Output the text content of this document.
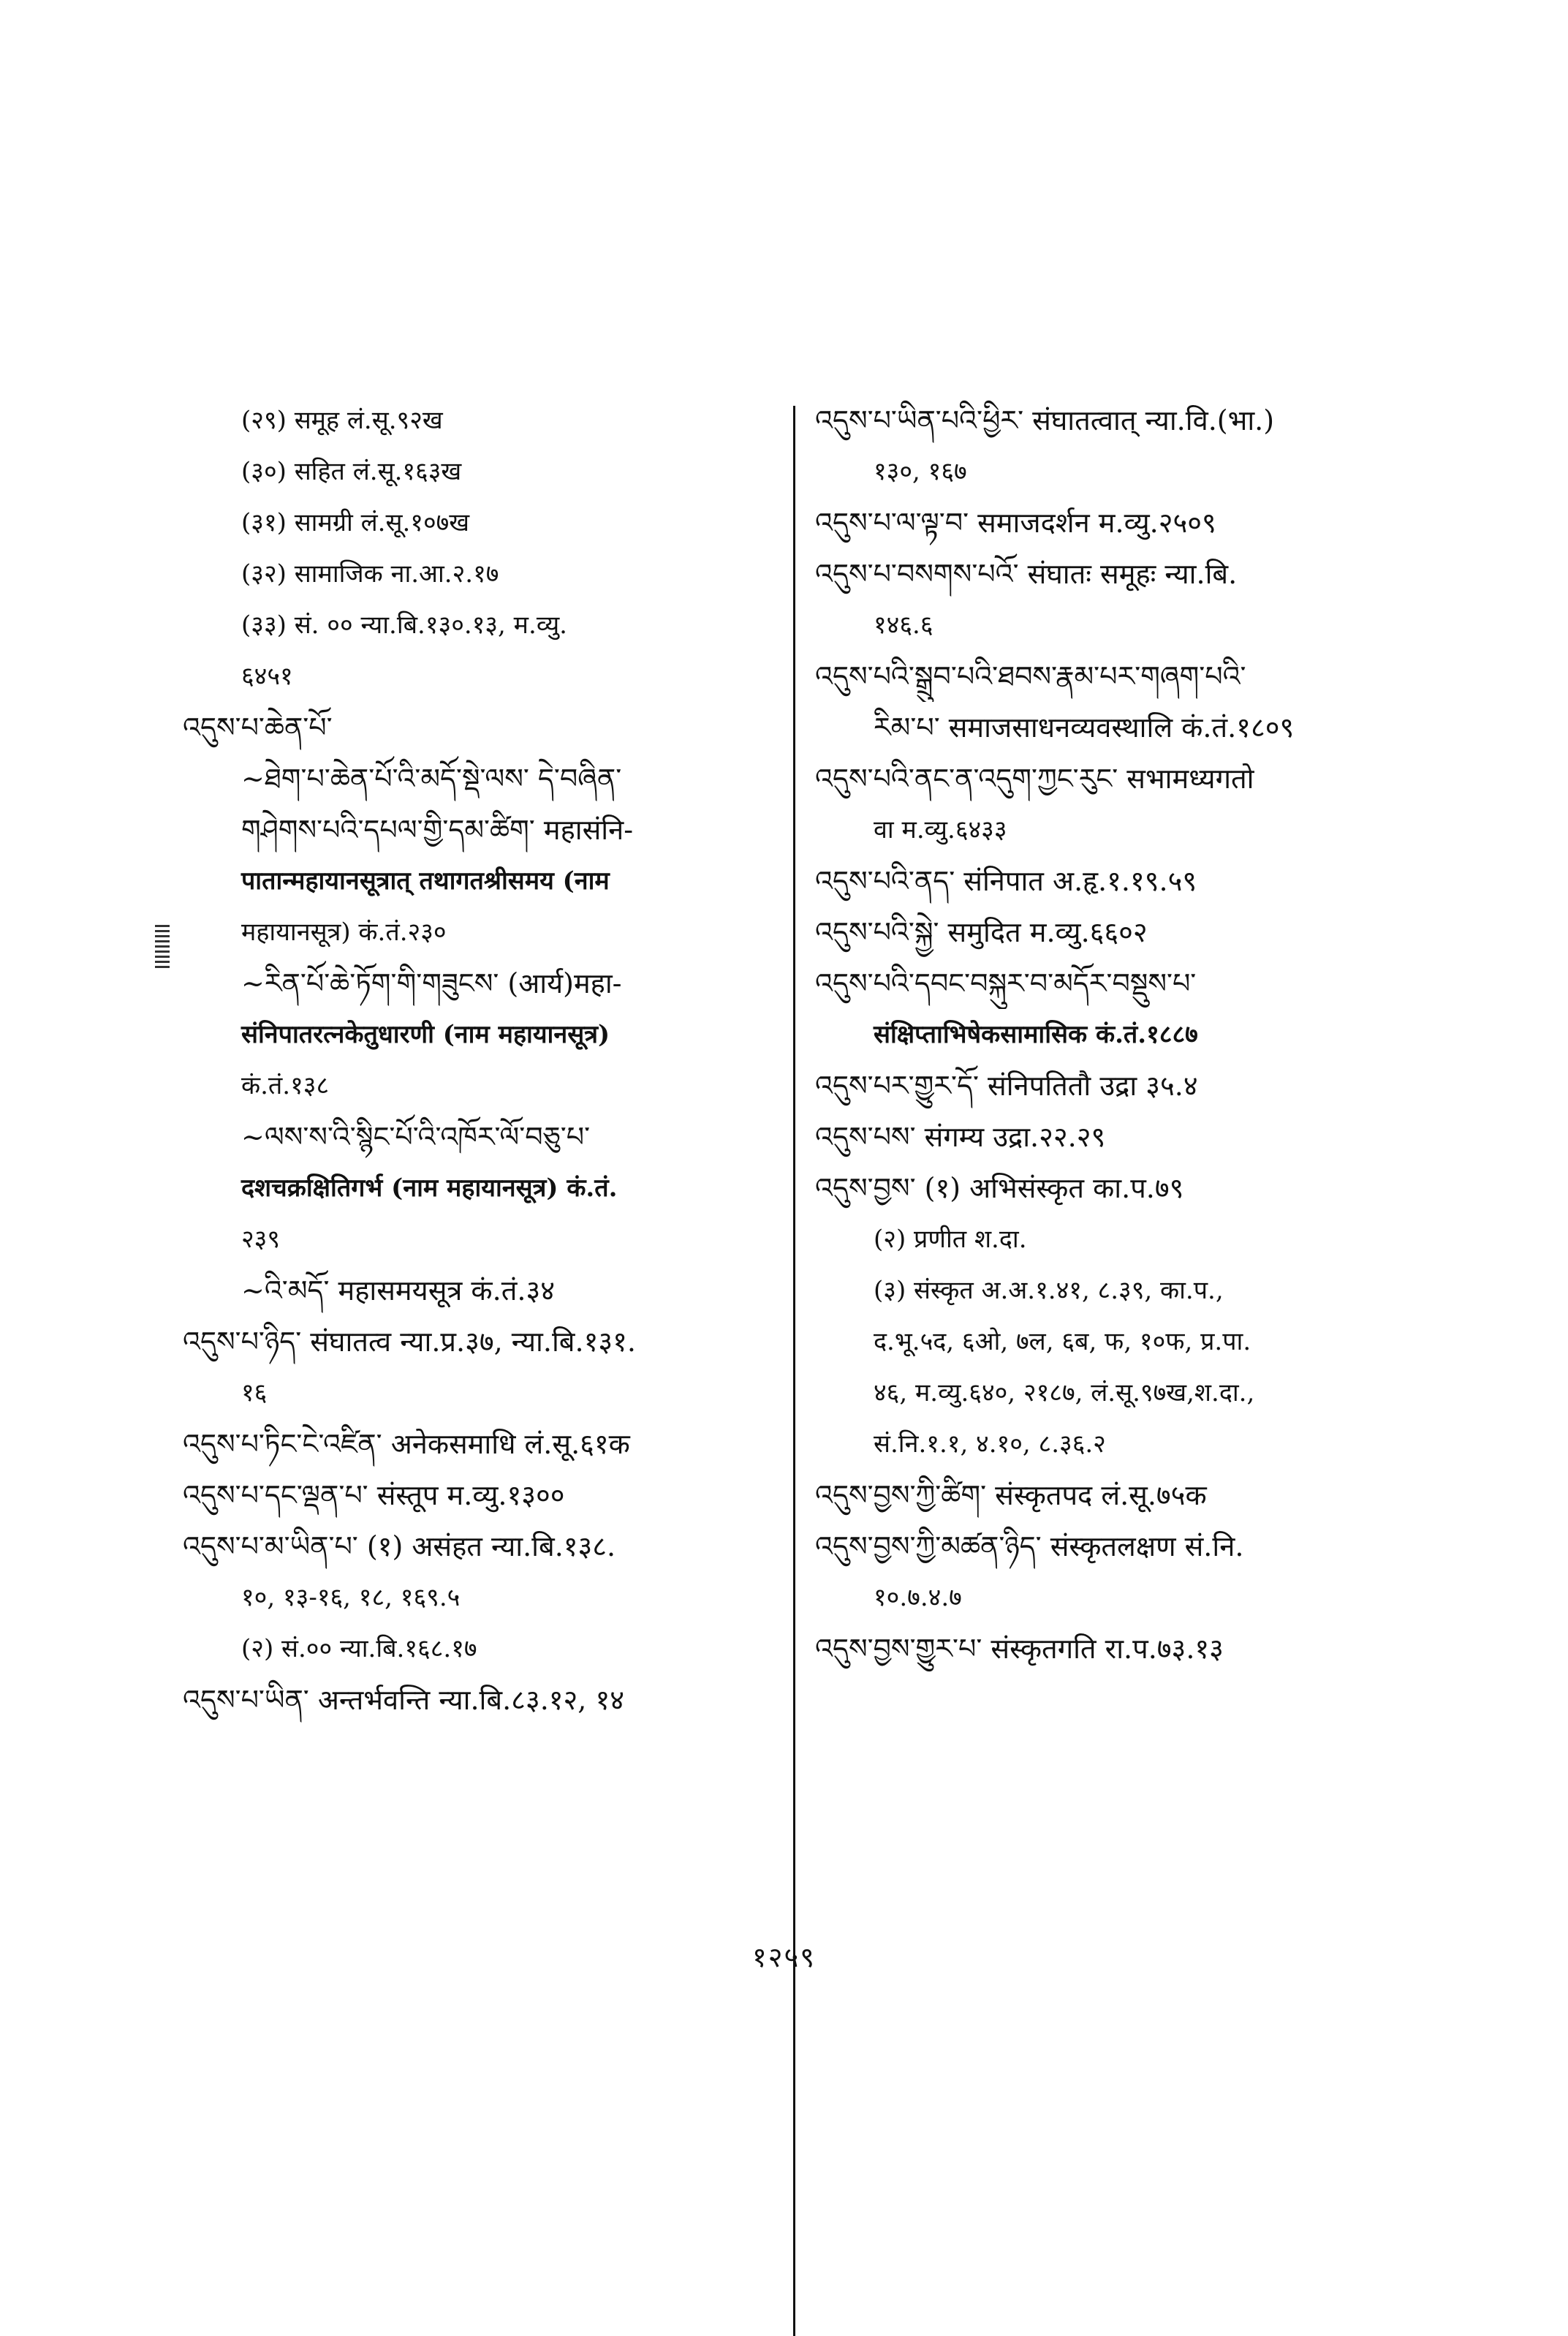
(२९) समूह लं.सू.९२ख
(३०) सहित लं.सू.१६३ख
(३१) सामग्री लं.सू.१०७ख
(३२) सामाजिक ना.आ.२.१७
(३३) सं. ०० न्या.बि.१३०.१३, म.व्यु.
६४५१
འདུས་པ་ཆེན་པོ་
~ཐེག་པ་ཆེན་པོ་འི་མདོ་སྡེ་ལས་ དེ་བཞིན་
གཤེགས་པའི་དཔལ་གྱི་དམ་ཚིག་ महासंनि-
पातान्महायानसूत्रात् तथागतश्रीसमय (नाम
महायानसूत्र) कं.तं.२३०
~རིན་པོ་ཆེ་ཏོག་གི་གཟུངས་ (आर्य)महा-
संनिपातरत्नकेतुधारणी (नाम महायानसूत्र)
कं.तं.१३८
~ལས་ས་འི་སྙིང་པོ་འི་འཁོར་ལོ་བཅུ་པ་
दशचक्रक्षितिगर्भ (नाम महायानसूत्र) कं.तं.
२३९
~འི་མདོ་ महासमयसूत्र कं.तं.३४
འདུས་པ་ཉིད་ संघातत्व न्या.प्र.३७, न्या.बि.१३१.
१६
འདུས་པ་ཏིང་ངེ་འཛིན་ अनेकसमाधि लं.सू.६१क
འདུས་པ་དང་ལྡན་པ་ संस्तूप म.व्यु.१३००
འདུས་པ་མ་ཡིན་པ་ (१) असंहत न्या.बि.१३८.
१०, १३-१६, १८, १६९.५
(२) सं.०० न्या.बि.१६८.१७
འདུས་པ་ཡིན་ अन्तर्भवन्ति न्या.बि.८३.१२, १४
འདུས་པ་ཡིན་པའི་ཕྱིར་ संघातत्वात् न्या.वि.(भा.)
१३०, १६७
འདུས་པ་ལ་ལྟ་བ་ समाजदर्शन म.व्यु.२५०९
འདུས་པ་བསགས་པའོ་ संघातः समूहः न्या.बि.
१४६.६
འདུས་པའི་སྒྲུབ་པའི་ཐབས་རྣམ་པར་གཞག་པའི་
རིམ་པ་ समाजसाधनव्यवस्थालि कं.तं.१८०९
འདུས་པའི་ནང་ན་འདུག་ཀྱང་རུང་ सभामध्यगतो
वा म.व्यु.६४३३
འདུས་པའི་ནད་ संनिपात अ.हृ.१.१९.५९
འདུས་པའི་སྐྱེ་ समुदित म.व्यु.६६०२
འདུས་པའི་དབང་བསྐུར་བ་མདོར་བསྡུས་པ་
संक्षिप्ताभिषेकसामासिक कं.तं.१८८७
འདུས་པར་གྱུར་དོ་ संनिपतितौ उद्रा ३५.४
འདུས་པས་ संगम्य उद्रा.२२.२९
འདུས་བྱས་ (१) अभिसंस्कृत का.प.७९
(२) प्रणीत श.दा.
(३) संस्कृत अ.अ.१.४१, ८.३९, का.प.,
द.भू.५द, ६ओ, ७ल, ६ब, फ, १०फ, प्र.पा.
४६, म.व्यु.६४०, २१८७, लं.सू.९७ख,श.दा.,
सं.नि.१.१, ४.१०, ८.३६.२
འདུས་བྱས་ཀྱི་ཚིག་ संस्कृतपद लं.सू.७५क
འདུས་བྱས་ཀྱི་མཚན་ཉིད་ संस्कृतलक्षण सं.नि.
१०.७.४.७
འདུས་བྱས་གྱུར་པ་ संस्कृतगति रा.प.७३.१३
१२५९
